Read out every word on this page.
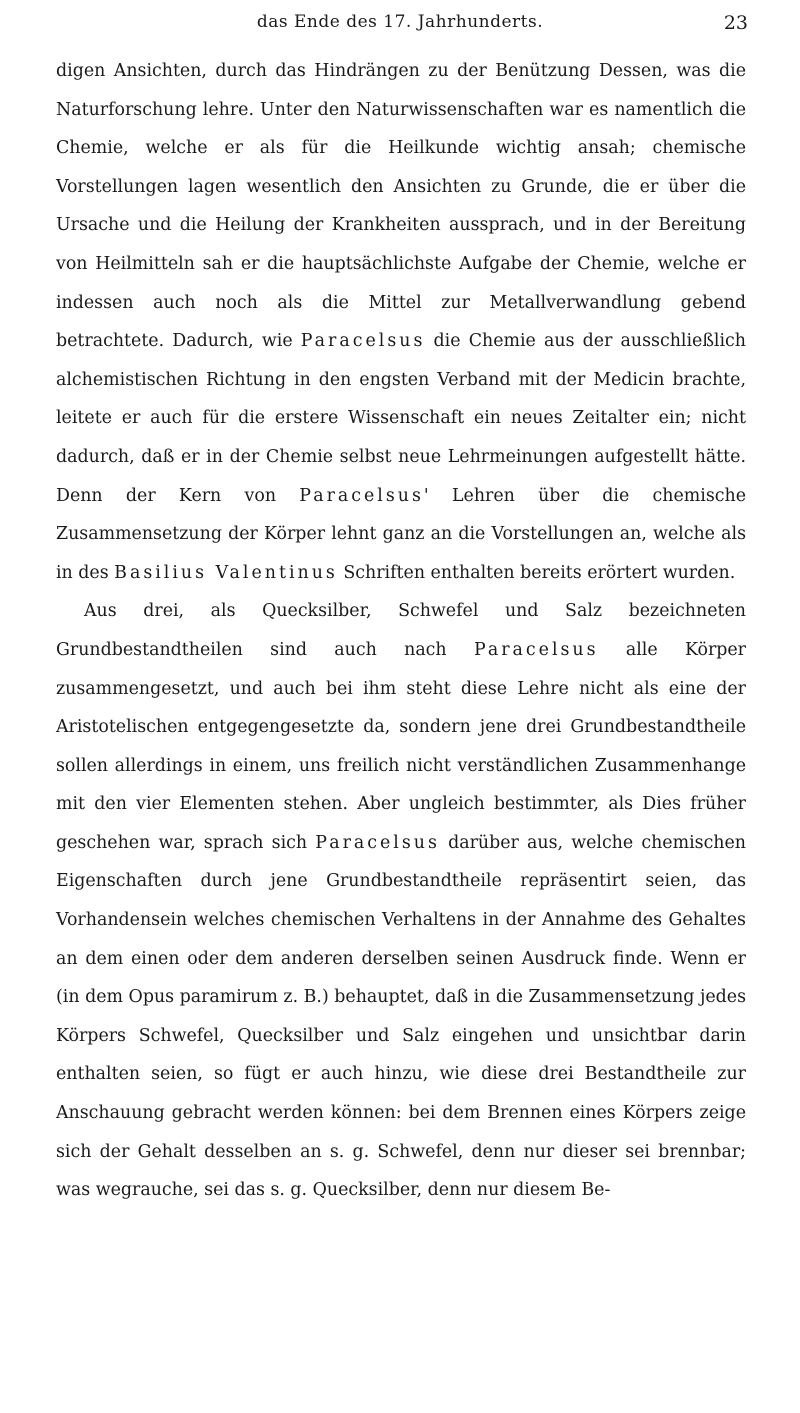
das Ende des 17. Jahrhunderts.	23

digen Ansichten, durch das Hindrängen zu der Benützung Dessen, was die Naturforschung lehre. Unter den Naturwissenschaften war es namentlich die Chemie, welche er als für die Heilkunde wichtig ansah; chemische Vorstellungen lagen wesentlich den Ansichten zu Grunde, die er über die Ursache und die Heilung der Krankheiten aussprach, und in der Bereitung von Heilmitteln sah er die hauptsächlichste Aufgabe der Chemie, welche er indessen auch noch als die Mittel zur Metallverwandlung gebend betrachtete. Dadurch, wie Paracelsus die Chemie aus der ausschließlich alchemistischen Richtung in den engsten Verband mit der Medicin brachte, leitete er auch für die erstere Wissenschaft ein neues Zeitalter ein; nicht dadurch, daß er in der Chemie selbst neue Lehrmeinungen aufgestellt hätte. Denn der Kern von Paracelsus' Lehren über die chemische Zusammensetzung der Körper lehnt ganz an die Vorstellungen an, welche als in des Basilius Valentinus Schriften enthalten bereits erörtert wurden.

Aus drei, als Quecksilber, Schwefel und Salz bezeichneten Grundbestandtheilen sind auch nach Paracelsus alle Körper zusammengesetzt, und auch bei ihm steht diese Lehre nicht als eine der Aristotelischen entgegengesetzte da, sondern jene drei Grundbestandtheile sollen allerdings in einem, uns freilich nicht verständlichen Zusammenhange mit den vier Elementen stehen. Aber ungleich bestimmter, als Dies früher geschehen war, sprach sich Paracelsus darüber aus, welche chemischen Eigenschaften durch jene Grundbestandtheile repräsentirt seien, das Vorhandensein welches chemischen Verhaltens in der Annahme des Gehaltes an dem einen oder dem anderen derselben seinen Ausdruck finde. Wenn er (in dem Opus paramirum z. B.) behauptet, daß in die Zusammensetzung jedes Körpers Schwefel, Quecksilber und Salz eingehen und unsichtbar darin enthalten seien, so fügt er auch hinzu, wie diese drei Bestandtheile zur Anschauung gebracht werden können: bei dem Brennen eines Körpers zeige sich der Gehalt desselben an s. g. Schwefel, denn nur dieser sei brennbar; was wegrauche, sei das s. g. Quecksilber, denn nur diesem Be-
